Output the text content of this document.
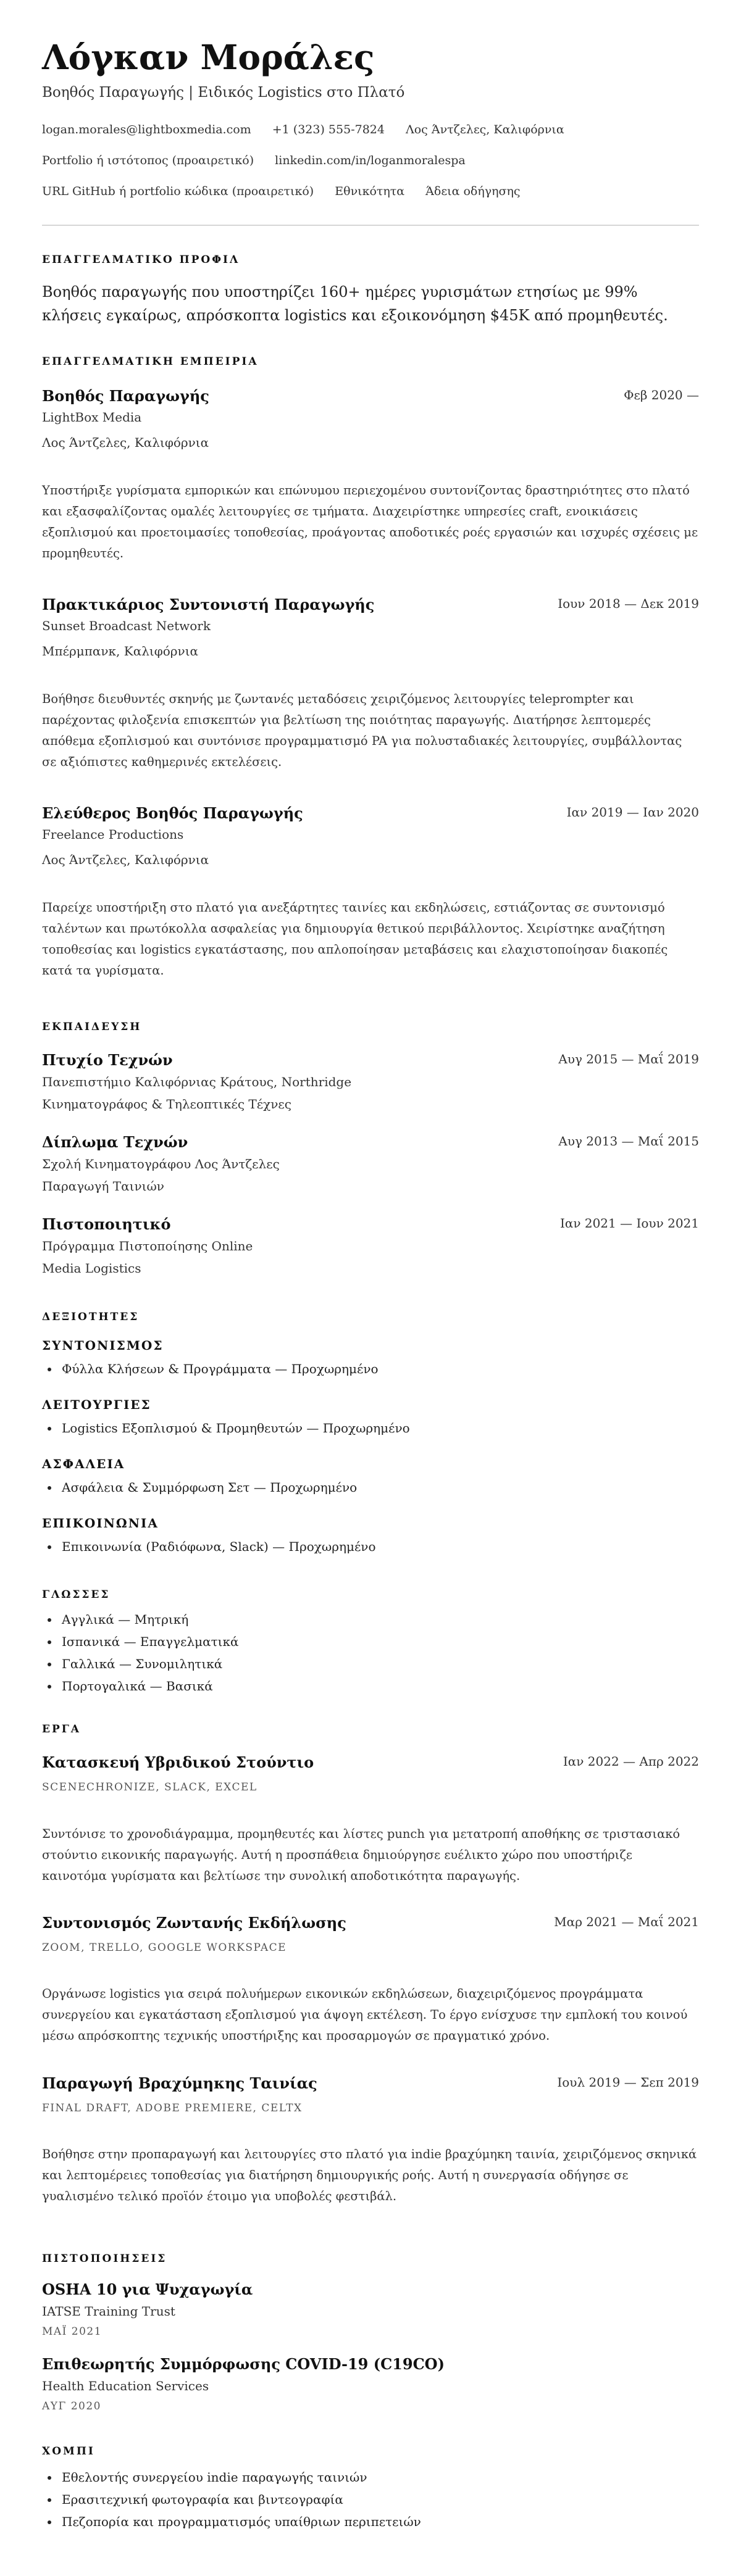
Λόγκαν Μοράλες
Βοηθός Παραγωγής | Ειδικός Logistics στο Πλατό
logan.morales@lightboxmedia.com +1 (323) 555-7824 Λος Άντζελες, Καλιφόρνια
Portfolio ή ιστότοπος (προαιρετικό) linkedin.com/in/loganmoralespa
URL GitHub ή portfolio κώδικα (προαιρετικό) Εθνικότητα Άδεια οδήγησης
ΕΠΑΓΓΕΛΜΑΤΙΚΟ ΠΡΟΦΙΛ
Βοηθός παραγωγής που υποστηρίζει 160+ ημέρες γυρισμάτων ετησίως με 99% κλήσεις εγκαίρως, απρόσκοπτα logistics και εξοικονόμηση $45K από προμηθευτές.
ΕΠΑΓΓΕΛΜΑΤΙΚΗ ΕΜΠΕΙΡΙΑ
Βοηθός Παραγωγής	Φεβ 2020 —
LightBox Media
Λος Άντζελες, Καλιφόρνια
Υποστήριξε γυρίσματα εμπορικών και επώνυμου περιεχομένου συντονίζοντας δραστηριότητες στο πλατό και εξασφαλίζοντας ομαλές λειτουργίες σε τμήματα. Διαχειρίστηκε υπηρεσίες craft, ενοικιάσεις εξοπλισμού και προετοιμασίες τοποθεσίας, προάγοντας αποδοτικές ροές εργασιών και ισχυρές σχέσεις με προμηθευτές.
Πρακτικάριος Συντονιστή Παραγωγής	Ιουν 2018 — Δεκ 2019
Sunset Broadcast Network
Μπέρμπανκ, Καλιφόρνια
Βοήθησε διευθυντές σκηνής με ζωντανές μεταδόσεις χειριζόμενος λειτουργίες teleprompter και παρέχοντας φιλοξενία επισκεπτών για βελτίωση της ποιότητας παραγωγής. Διατήρησε λεπτομερές απόθεμα εξοπλισμού και συντόνισε προγραμματισμό PA για πολυσταδιακές λειτουργίες, συμβάλλοντας σε αξιόπιστες καθημερινές εκτελέσεις.
Ελεύθερος Βοηθός Παραγωγής	Ιαν 2019 — Ιαν 2020
Freelance Productions
Λος Άντζελες, Καλιφόρνια
Παρείχε υποστήριξη στο πλατό για ανεξάρτητες ταινίες και εκδηλώσεις, εστιάζοντας σε συντονισμό ταλέντων και πρωτόκολλα ασφαλείας για δημιουργία θετικού περιβάλλοντος. Χειρίστηκε αναζήτηση τοποθεσίας και logistics εγκατάστασης, που απλοποίησαν μεταβάσεις και ελαχιστοποίησαν διακοπές κατά τα γυρίσματα.
ΕΚΠΑΙΔΕΥΣΗ
Πτυχίο Τεχνών	Αυγ 2015 — Μαΐ 2019
Πανεπιστήμιο Καλιφόρνιας Κράτους, Northridge
Κινηματογράφος & Τηλεοπτικές Τέχνες
Δίπλωμα Τεχνών	Αυγ 2013 — Μαΐ 2015
Σχολή Κινηματογράφου Λος Άντζελες
Παραγωγή Ταινιών
Πιστοποιητικό	Ιαν 2021 — Ιουν 2021
Πρόγραμμα Πιστοποίησης Online
Media Logistics
ΔΕΞΙΟΤΗΤΕΣ
ΣΥΝΤΟΝΙΣΜΟΣ
• Φύλλα Κλήσεων & Προγράμματα — Προχωρημένο
ΛΕΙΤΟΥΡΓΙΕΣ
• Logistics Εξοπλισμού & Προμηθευτών — Προχωρημένο
ΑΣΦΑΛΕΙΑ
• Ασφάλεια & Συμμόρφωση Σετ — Προχωρημένο
ΕΠΙΚΟΙΝΩΝΙΑ
• Επικοινωνία (Ραδιόφωνα, Slack) — Προχωρημένο
ΓΛΩΣΣΕΣ
• Αγγλικά — Μητρική
• Ισπανικά — Επαγγελματικά
• Γαλλικά — Συνομιλητικά
• Πορτογαλικά — Βασικά
ΕΡΓΑ
Κατασκευή Υβριδικού Στούντιο	Ιαν 2022 — Απρ 2022
SCENECHRONIZE, SLACK, EXCEL
Συντόνισε το χρονοδιάγραμμα, προμηθευτές και λίστες punch για μετατροπή αποθήκης σε τριστασιακό στούντιο εικονικής παραγωγής. Αυτή η προσπάθεια δημιούργησε ευέλικτο χώρο που υποστήριζε καινοτόμα γυρίσματα και βελτίωσε την συνολική αποδοτικότητα παραγωγής.
Συντονισμός Ζωντανής Εκδήλωσης	Μαρ 2021 — Μαΐ 2021
ZOOM, TRELLO, GOOGLE WORKSPACE
Οργάνωσε logistics για σειρά πολυήμερων εικονικών εκδηλώσεων, διαχειριζόμενος προγράμματα συνεργείου και εγκατάσταση εξοπλισμού για άψογη εκτέλεση. Το έργο ενίσχυσε την εμπλοκή του κοινού μέσω απρόσκοπτης τεχνικής υποστήριξης και προσαρμογών σε πραγματικό χρόνο.
Παραγωγή Βραχύμηκης Ταινίας	Ιουλ 2019 — Σεπ 2019
FINAL DRAFT, ADOBE PREMIERE, CELTX
Βοήθησε στην προπαραγωγή και λειτουργίες στο πλατό για indie βραχύμηκη ταινία, χειριζόμενος σκηνικά και λεπτομέρειες τοποθεσίας για διατήρηση δημιουργικής ροής. Αυτή η συνεργασία οδήγησε σε γυαλισμένο τελικό προϊόν έτοιμο για υποβολές φεστιβάλ.
ΠΙΣΤΟΠΟΙΗΣΕΙΣ
OSHA 10 για Ψυχαγωγία
IATSE Training Trust
ΜΑΪ 2021
Επιθεωρητής Συμμόρφωσης COVID-19 (C19CO)
Health Education Services
ΑΥΓ 2020
ΧΟΜΠΙ
• Εθελοντής συνεργείου indie παραγωγής ταινιών
• Ερασιτεχνική φωτογραφία και βιντεογραφία
• Πεζοπορία και προγραμματισμός υπαίθριων περιπετειών
